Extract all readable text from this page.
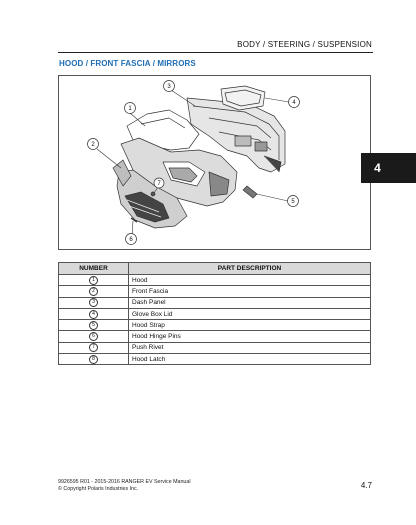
BODY / STEERING / SUSPENSION
HOOD / FRONT FASCIA / MIRRORS
1
2
3
4
5
6
7
4
NUMBER	PART DESCRIPTION
1	Hood
2	Front Fascia
3	Dash Panel
4	Glove Box Lid
5	Hood Strap
6	Hood Hinge Pins
7	Push Rivet
8	Hood Latch
9926595 R01 - 2015-2016 RANGER EV Service Manual
© Copyright Polaris Industries Inc.	4.7
